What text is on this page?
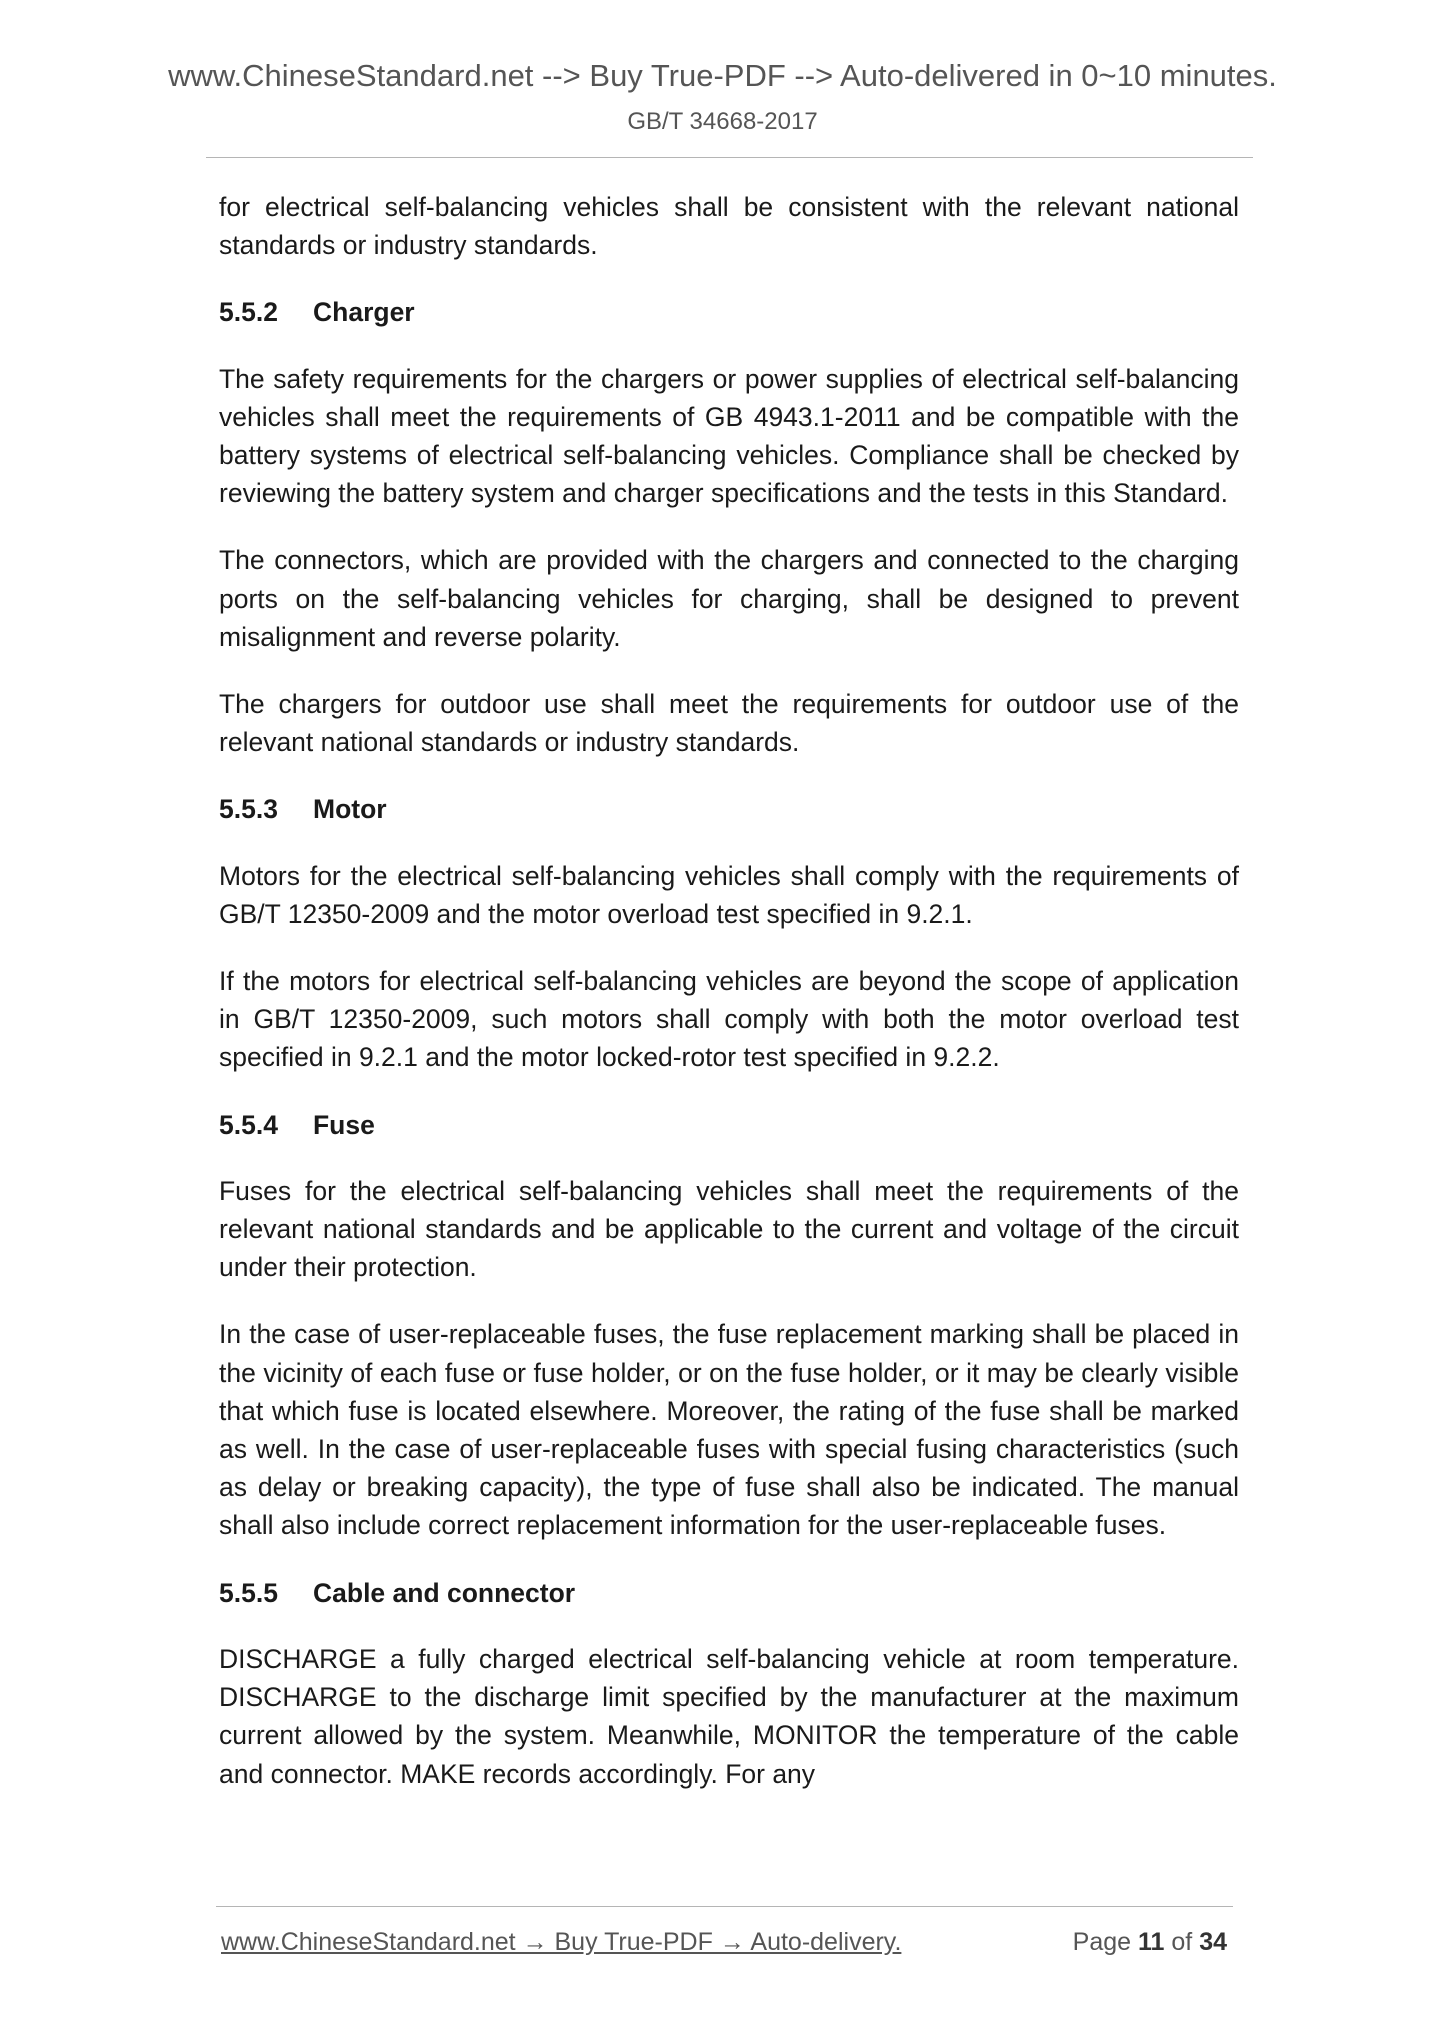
www.ChineseStandard.net --> Buy True-PDF --> Auto-delivered in 0~10 minutes.
GB/T 34668-2017

for electrical self-balancing vehicles shall be consistent with the relevant national standards or industry standards.

5.5.2 Charger

The safety requirements for the chargers or power supplies of electrical self-balancing vehicles shall meet the requirements of GB 4943.1-2011 and be compatible with the battery systems of electrical self-balancing vehicles. Compliance shall be checked by reviewing the battery system and charger specifications and the tests in this Standard.

The connectors, which are provided with the chargers and connected to the charging ports on the self-balancing vehicles for charging, shall be designed to prevent misalignment and reverse polarity.

The chargers for outdoor use shall meet the requirements for outdoor use of the relevant national standards or industry standards.

5.5.3 Motor

Motors for the electrical self-balancing vehicles shall comply with the requirements of GB/T 12350-2009 and the motor overload test specified in 9.2.1.

If the motors for electrical self-balancing vehicles are beyond the scope of application in GB/T 12350-2009, such motors shall comply with both the motor overload test specified in 9.2.1 and the motor locked-rotor test specified in 9.2.2.

5.5.4 Fuse

Fuses for the electrical self-balancing vehicles shall meet the requirements of the relevant national standards and be applicable to the current and voltage of the circuit under their protection.

In the case of user-replaceable fuses, the fuse replacement marking shall be placed in the vicinity of each fuse or fuse holder, or on the fuse holder, or it may be clearly visible that which fuse is located elsewhere. Moreover, the rating of the fuse shall be marked as well. In the case of user-replaceable fuses with special fusing characteristics (such as delay or breaking capacity), the type of fuse shall also be indicated. The manual shall also include correct replacement information for the user-replaceable fuses.

5.5.5 Cable and connector

DISCHARGE a fully charged electrical self-balancing vehicle at room temperature. DISCHARGE to the discharge limit specified by the manufacturer at the maximum current allowed by the system. Meanwhile, MONITOR the temperature of the cable and connector. MAKE records accordingly. For any

www.ChineseStandard.net → Buy True-PDF → Auto-delivery.	Page 11 of 34
